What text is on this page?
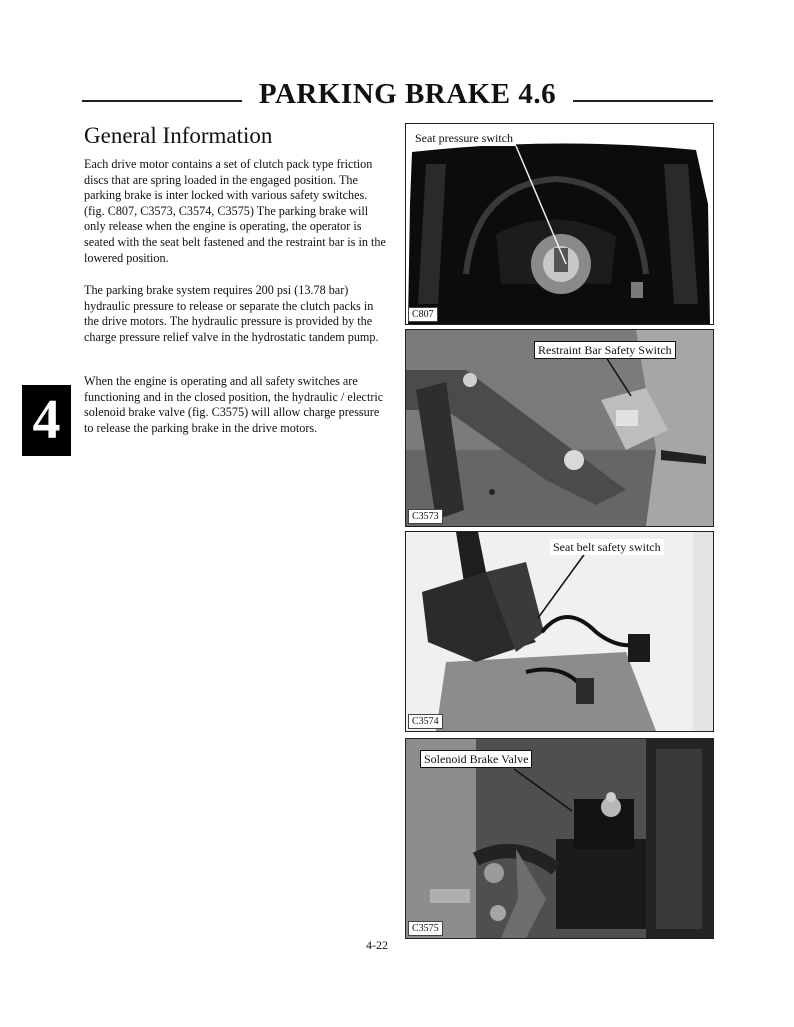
PARKING BRAKE 4.6
General Information

Each drive motor contains a set of clutch pack type friction discs that are spring loaded in the engaged position. The parking brake is inter locked with various safety switches. (fig. C807, C3573, C3574, C3575) The parking brake will only release when the engine is operating, the operator is seated with the seat belt fastened and the restraint bar is in the lowered position.

The parking brake system requires 200 psi (13.78 bar) hydraulic pressure to release or separate the clutch packs in the drive motors. The hydraulic pressure is provided by the charge pressure relief valve in the hydrostatic tandem pump.

When the engine is operating and all safety switches are functioning and in the closed position, the hydraulic / electric solenoid brake valve (fig. C3575) will allow charge pressure to release the parking brake in the drive motors.

4
Seat pressure switch
C807
Restraint Bar Safety Switch
C3573
Seat belt safety switch
C3574
Solenoid Brake Valve
C3575
4-22
